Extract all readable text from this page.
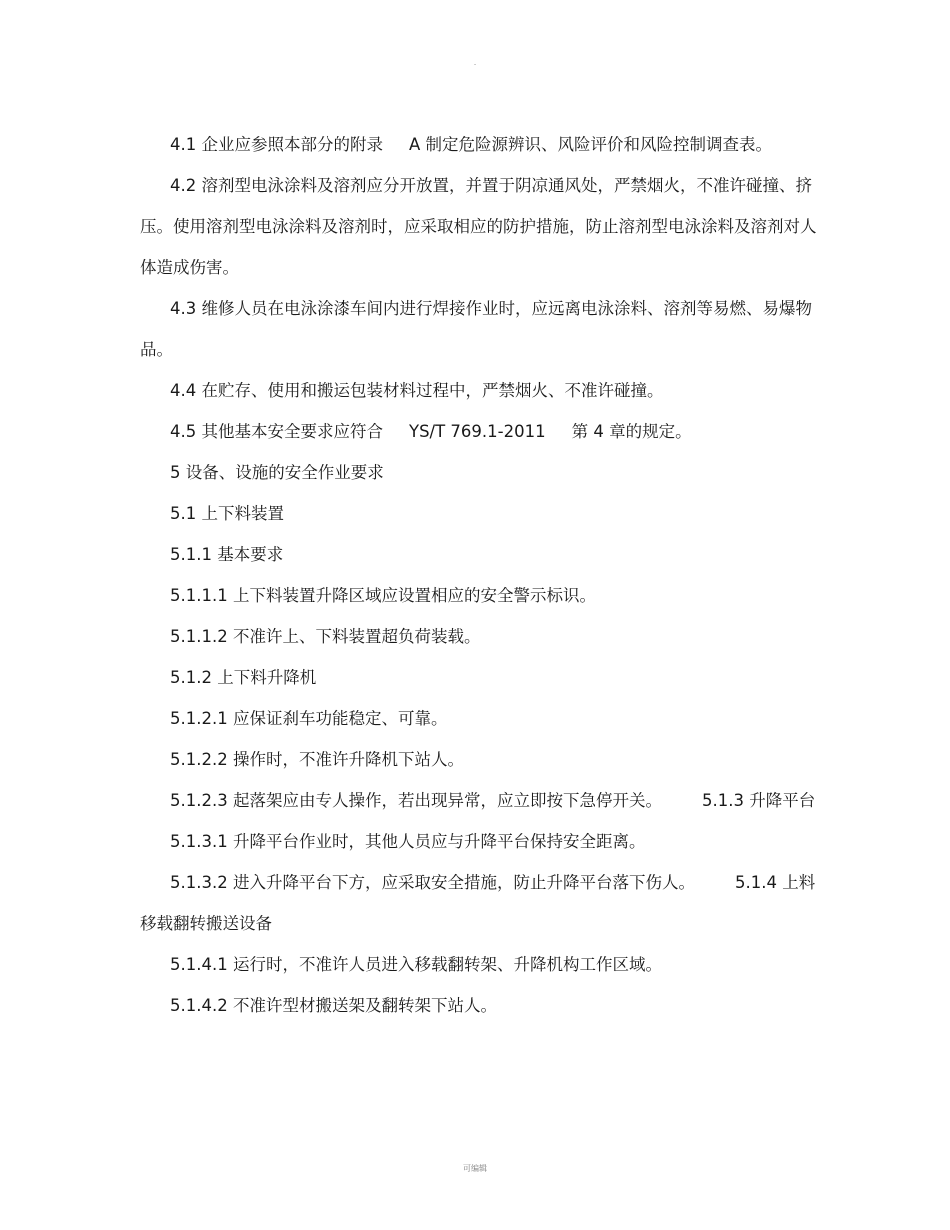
.

4.1 企业应参照本部分的附录 A 制定危险源辨识、风险评价和风险控制调查表。

4.2 溶剂型电泳涂料及溶剂应分开放置，并置于阴凉通风处，严禁烟火，不准许碰撞、挤压。使用溶剂型电泳涂料及溶剂时，应采取相应的防护措施，防止溶剂型电泳涂料及溶剂对人体造成伤害。

4.3 维修人员在电泳涂漆车间内进行焊接作业时，应远离电泳涂料、溶剂等易燃、易爆物品。

4.4 在贮存、使用和搬运包装材料过程中，严禁烟火、不准许碰撞。

4.5 其他基本安全要求应符合 YS/T 769.1-2011 第 4 章的规定。

5 设备、设施的安全作业要求

5.1 上下料装置

5.1.1 基本要求

5.1.1.1 上下料装置升降区域应设置相应的安全警示标识。

5.1.1.2 不准许上、下料装置超负荷装载。

5.1.2 上下料升降机

5.1.2.1 应保证刹车功能稳定、可靠。

5.1.2.2 操作时，不准许升降机下站人。

5.1.2.3 起落架应由专人操作，若出现异常，应立即按下急停开关。 5.1.3 升降平台

5.1.3.1 升降平台作业时，其他人员应与升降平台保持安全距离。

5.1.3.2 进入升降平台下方，应采取安全措施，防止升降平台落下伤人。 5.1.4 上料移载翻转搬送设备

5.1.4.1 运行时，不准许人员进入移载翻转架、升降机构工作区域。

5.1.4.2 不准许型材搬送架及翻转架下站人。

可编辑
